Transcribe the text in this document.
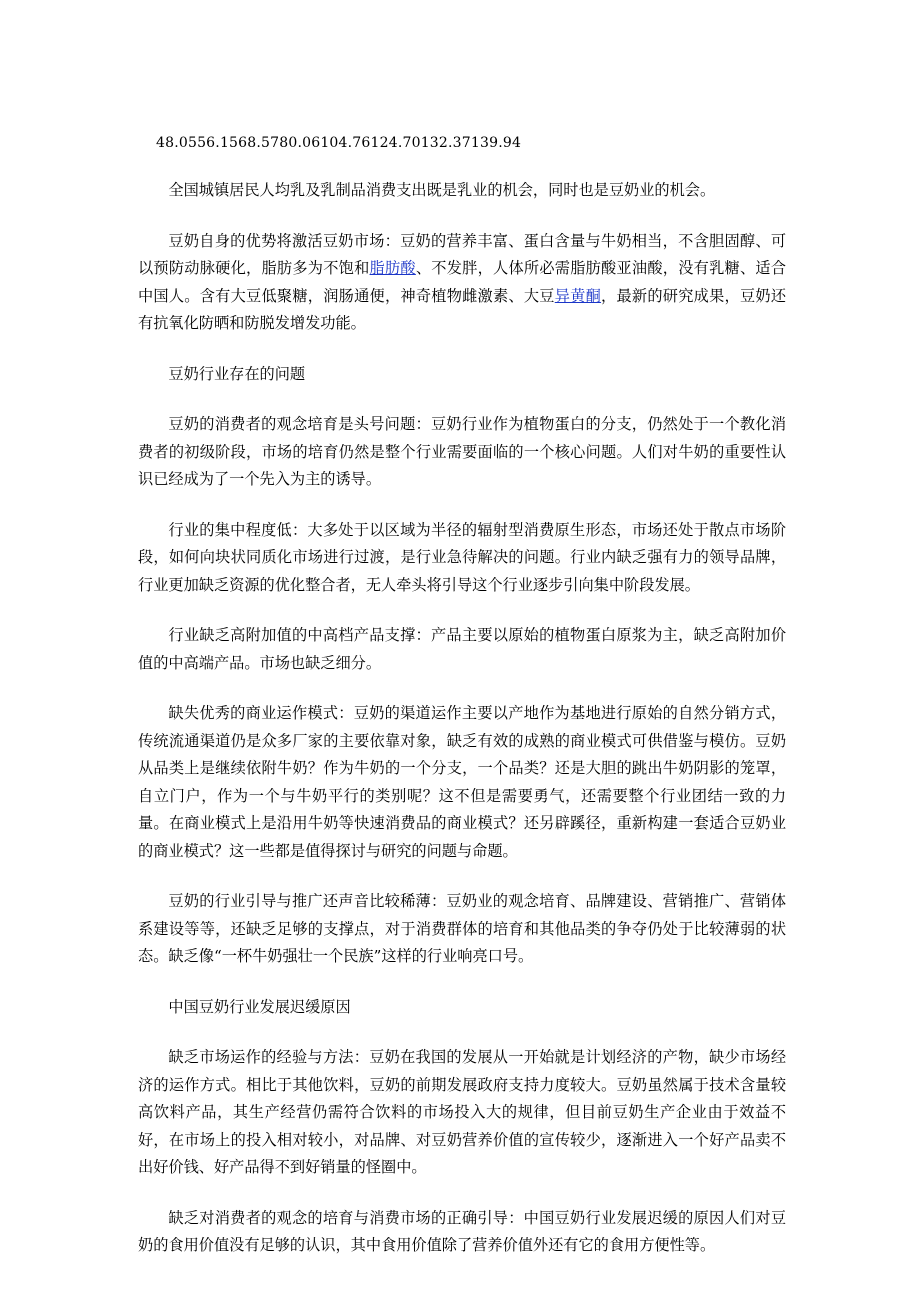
48.0556.1568.5780.06104.76124.70132.37139.94

全国城镇居民人均乳及乳制品消费支出既是乳业的机会，同时也是豆奶业的机会。

豆奶自身的优势将激活豆奶市场：豆奶的营养丰富、蛋白含量与牛奶相当，不含胆固醇、可以预防动脉硬化，脂肪多为不饱和脂肪酸、不发胖，人体所必需脂肪酸亚油酸，没有乳糖、适合中国人。含有大豆低聚糖，润肠通便，神奇植物雌激素、大豆异黄酮，最新的研究成果，豆奶还有抗氧化防晒和防脱发增发功能。

豆奶行业存在的问题

豆奶的消费者的观念培育是头号问题：豆奶行业作为植物蛋白的分支，仍然处于一个教化消费者的初级阶段，市场的培育仍然是整个行业需要面临的一个核心问题。人们对牛奶的重要性认识已经成为了一个先入为主的诱导。

行业的集中程度低：大多处于以区域为半径的辐射型消费原生形态，市场还处于散点市场阶段，如何向块状同质化市场进行过渡，是行业急待解决的问题。行业内缺乏强有力的领导品牌，行业更加缺乏资源的优化整合者，无人牵头将引导这个行业逐步引向集中阶段发展。

行业缺乏高附加值的中高档产品支撑：产品主要以原始的植物蛋白原浆为主，缺乏高附加价值的中高端产品。市场也缺乏细分。

缺失优秀的商业运作模式：豆奶的渠道运作主要以产地作为基地进行原始的自然分销方式，传统流通渠道仍是众多厂家的主要依靠对象，缺乏有效的成熟的商业模式可供借鉴与模仿。豆奶从品类上是继续依附牛奶？作为牛奶的一个分支，一个品类？还是大胆的跳出牛奶阴影的笼罩，自立门户，作为一个与牛奶平行的类别呢？这不但是需要勇气，还需要整个行业团结一致的力量。在商业模式上是沿用牛奶等快速消费品的商业模式？还另辟蹊径，重新构建一套适合豆奶业的商业模式？这一些都是值得探讨与研究的问题与命题。

豆奶的行业引导与推广还声音比较稀薄：豆奶业的观念培育、品牌建设、营销推广、营销体系建设等等，还缺乏足够的支撑点，对于消费群体的培育和其他品类的争夺仍处于比较薄弱的状态。缺乏像“一杯牛奶强壮一个民族”这样的行业响亮口号。

中国豆奶行业发展迟缓原因

缺乏市场运作的经验与方法：豆奶在我国的发展从一开始就是计划经济的产物，缺少市场经济的运作方式。相比于其他饮料，豆奶的前期发展政府支持力度较大。豆奶虽然属于技术含量较高饮料产品，其生产经营仍需符合饮料的市场投入大的规律，但目前豆奶生产企业由于效益不好，在市场上的投入相对较小，对品牌、对豆奶营养价值的宣传较少，逐渐进入一个好产品卖不出好价钱、好产品得不到好销量的怪圈中。

缺乏对消费者的观念的培育与消费市场的正确引导：中国豆奶行业发展迟缓的原因人们对豆奶的食用价值没有足够的认识，其中食用价值除了营养价值外还有它的食用方便性等。
